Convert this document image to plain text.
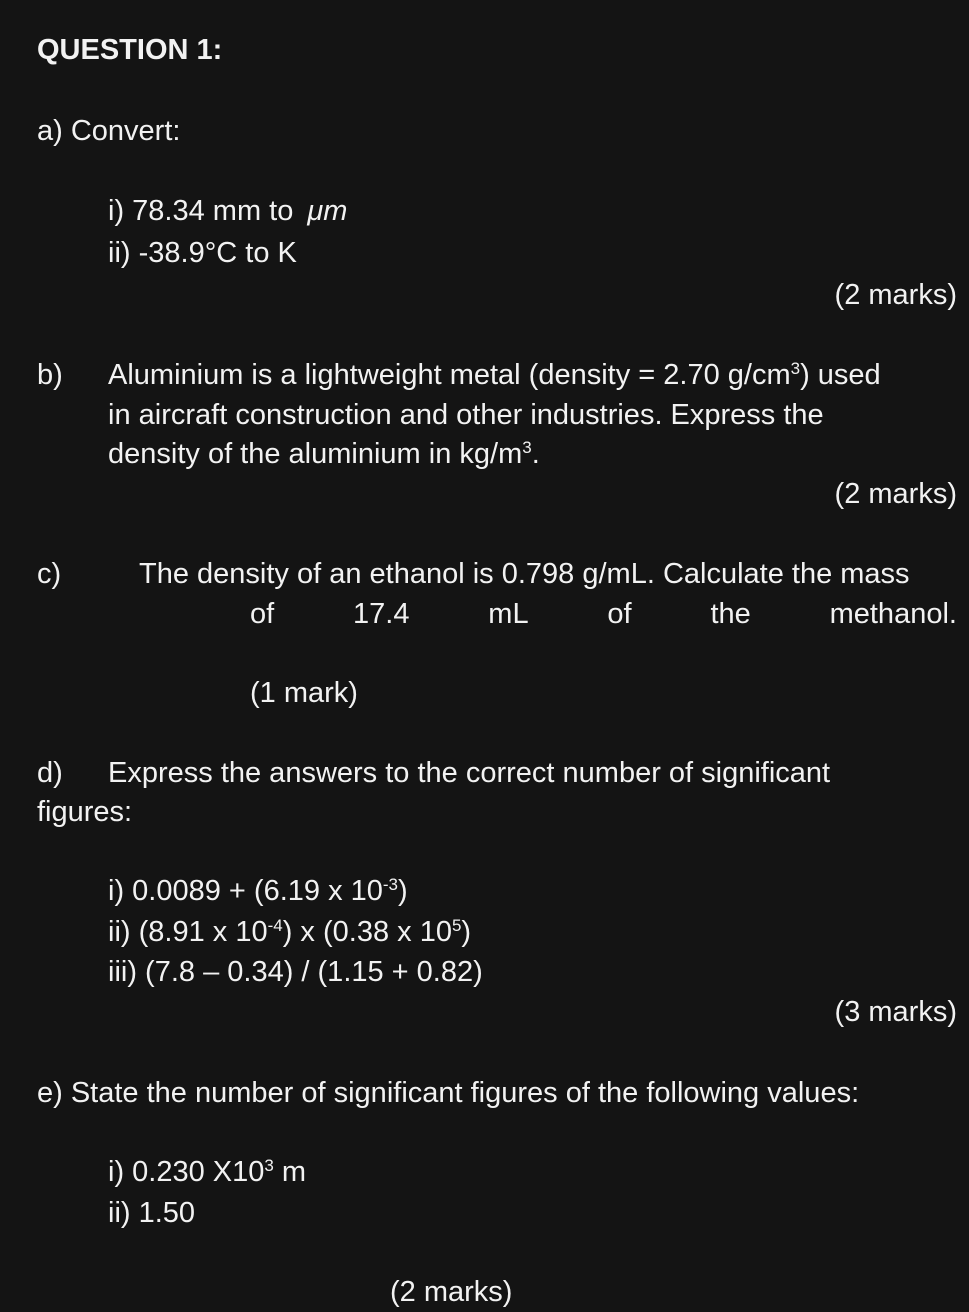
QUESTION 1:
a) Convert:
i) 78.34 mm to μm
ii) -38.9°C to K
(2 marks)
b) Aluminium is a lightweight metal (density = 2.70 $g/cm^3$) used
in aircraft construction and other industries. Express the
density of the aluminium in $kg/m^3$.
(2 marks)
c)	The density of an ethanol is 0.798 g/mL. Calculate the mass
of	17.4	mL	of	the	methanol.
(1 mark)
d) Express the answers to the correct number of significant
figures:
i) 0.0089 + (6.19 x $10^{-3}$)
ii) (8.91 x $10^{-4}$) x (0.38 x $10^5$)
iii) (7.8 – 0.34) / (1.15 + 0.82)
(3 marks)
e) State the number of significant figures of the following values:
i) 0.230 $X10^3$ m
ii) 1.50
(2 marks)
